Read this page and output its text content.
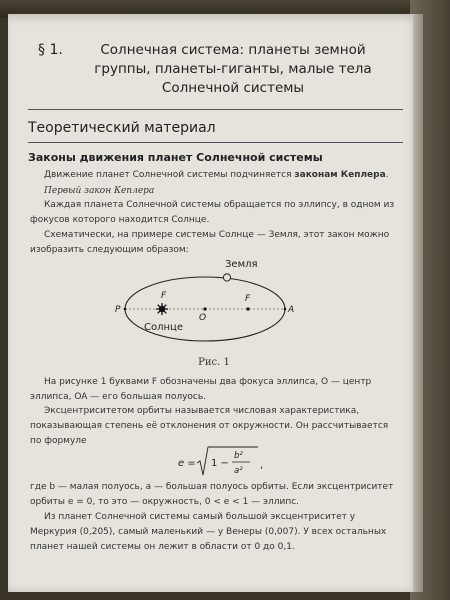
§ 1.	Солнечная система: планеты земной группы, планеты-гиганты, малые тела Солнечной системы
Теоретический материал
Законы движения планет Солнечной системы
Движение планет Солнечной системы подчиняется законам Кеплера.
Первый закон Кеплера
Каждая планета Солнечной системы обращается по эллипсу, в одном из фокусов которого находится Солнце.
Схематически, на примере системы Солнце — Земля, этот закон можно изобразить следующим образом:
Земля
F	F
O
P	A
Солнце
Рис. 1
На рисунке 1 буквами F обозначены два фокуса эллипса, O — центр эллипса, OA — его большая полуось.
Эксцентриситетом орбиты называется числовая характеристика, показывающая степень её отклонения от окружности. Он рассчитывается по формуле
e = 1 −
b²
a² ,
где b — малая полуось, a — большая полуось орбиты. Если эксцентриситет орбиты e = 0, то это — окружность, 0 < e < 1 — эллипс.
Из планет Солнечной системы самый большой эксцентриситет у Меркурия (0,205), самый маленький — у Венеры (0,007). У всех остальных планет нашей системы он лежит в области от 0 до 0,1.
